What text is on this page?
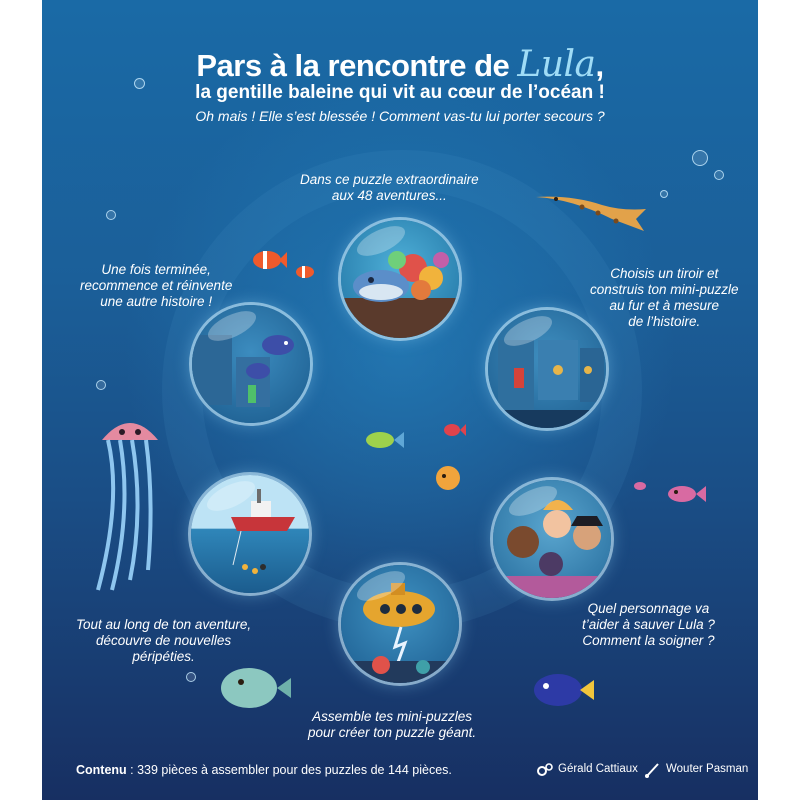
Pars à la rencontre de Lula,
la gentille baleine qui vit au cœur de l’océan !
Oh mais ! Elle s’est blessée ! Comment vas-tu lui porter secours ?
Dans ce puzzle extraordinaire
aux 48 aventures...
Choisis un tiroir et
construis ton mini-puzzle
au fur et à mesure
de l’histoire.
Quel personnage va
t’aider à sauver Lula ?
Comment la soigner ?
Assemble tes mini-puzzles
pour créer ton puzzle géant.
Tout au long de ton aventure,
découvre de nouvelles
péripéties.
Une fois terminée,
recommence et réinvente
une autre histoire !
Contenu : 339 pièces à assembler pour des puzzles de 144 pièces.	Gérald Cattiaux Wouter Pasman
